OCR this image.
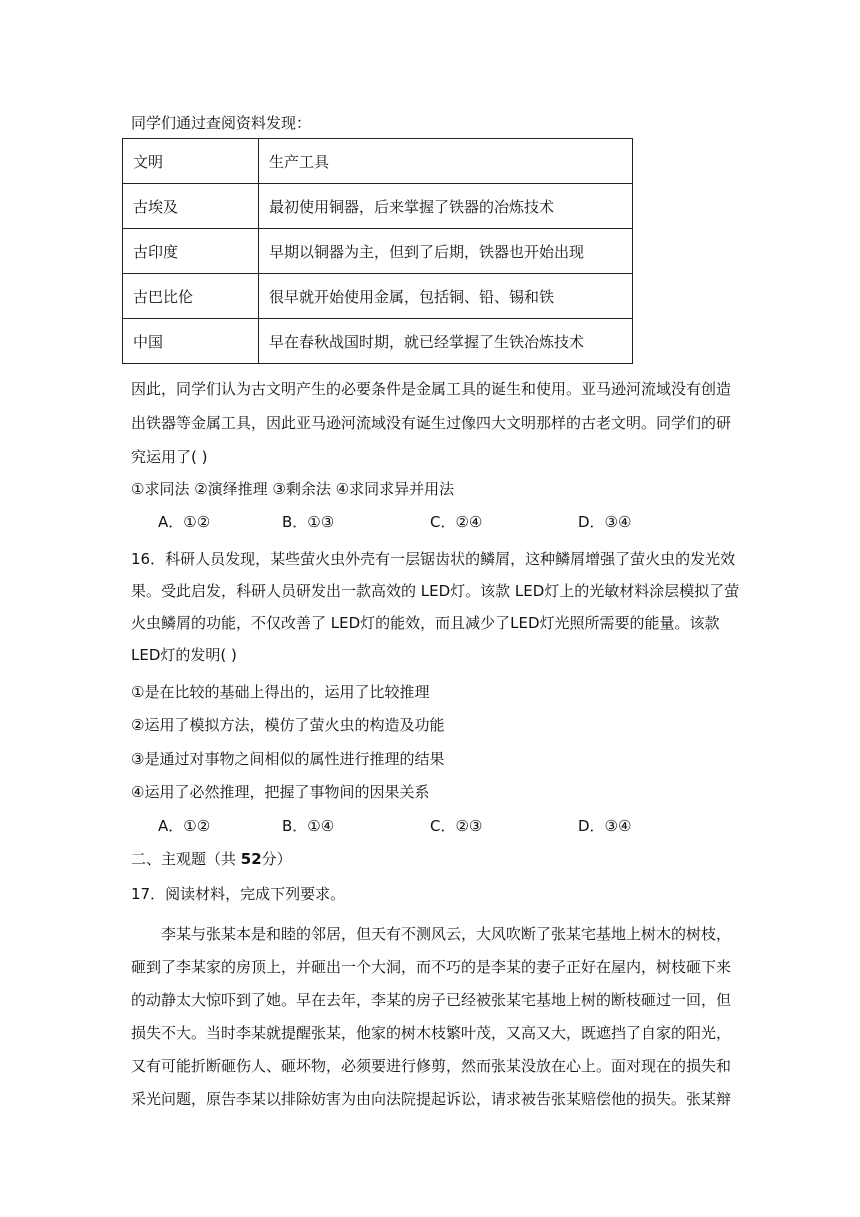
同学们通过查阅资料发现：
文明	生产工具
古埃及	最初使用铜器，后来掌握了铁器的冶炼技术
古印度	早期以铜器为主，但到了后期，铁器也开始出现
古巴比伦	很早就开始使用金属，包括铜、铅、锡和铁
中国	早在春秋战国时期，就已经掌握了生铁冶炼技术
因此，同学们认为古文明产生的必要条件是金属工具的诞生和使用。亚马逊河流域没有创造
出铁器等金属工具，因此亚马逊河流域没有诞生过像四大文明那样的古老文明。同学们的研
究运用了( )
①求同法 ②演绎推理 ③剩余法 ④求同求异并用法
A．①②	B．①③	C．②④	D．③④
16．科研人员发现，某些萤火虫外壳有一层锯齿状的鳞屑，这种鳞屑增强了萤火虫的发光效
果。受此启发，科研人员研发出一款高效的 LED灯。该款 LED灯上的光敏材料涂层模拟了萤
火虫鳞屑的功能，不仅改善了 LED灯的能效，而且减少了LED灯光照所需要的能量。该款
LED灯的发明( )
①是在比较的基础上得出的，运用了比较推理
②运用了模拟方法，模仿了萤火虫的构造及功能
③是通过对事物之间相似的属性进行推理的结果
④运用了必然推理，把握了事物间的因果关系
A．①②	B．①④	C．②③	D．③④
二、主观题（共 52分）
17．阅读材料，完成下列要求。
　　李某与张某本是和睦的邻居，但天有不测风云，大风吹断了张某宅基地上树木的树枝，
砸到了李某家的房顶上，并砸出一个大洞，而不巧的是李某的妻子正好在屋内，树枝砸下来
的动静太大惊吓到了她。早在去年，李某的房子已经被张某宅基地上树的断枝砸过一回，但
损失不大。当时李某就提醒张某，他家的树木枝繁叶茂，又高又大，既遮挡了自家的阳光，
又有可能折断砸伤人、砸坏物，必须要进行修剪，然而张某没放在心上。面对现在的损失和
采光问题，原告李某以排除妨害为由向法院提起诉讼，请求被告张某赔偿他的损失。张某辩
